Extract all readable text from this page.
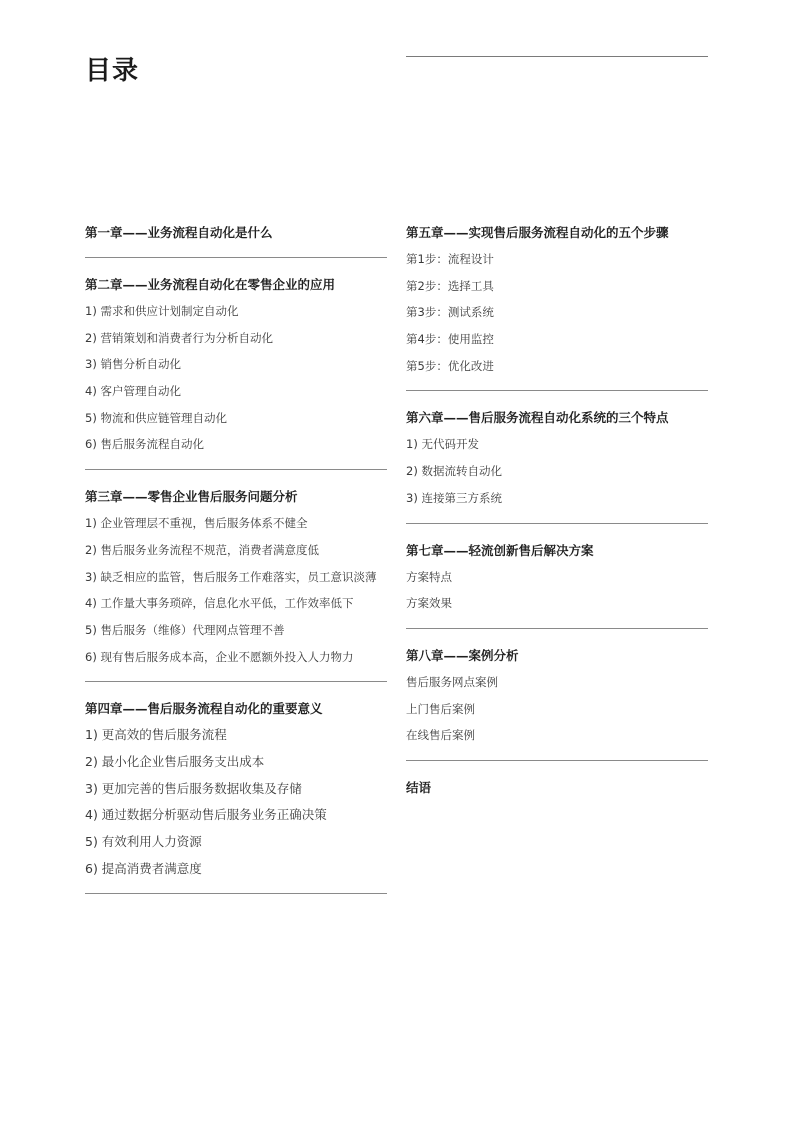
目录
第一章——业务流程自动化是什么
第二章——业务流程自动化在零售企业的应用
1) 需求和供应计划制定自动化
2) 营销策划和消费者行为分析自动化
3) 销售分析自动化
4) 客户管理自动化
5) 物流和供应链管理自动化
6) 售后服务流程自动化
第三章——零售企业售后服务问题分析
1) 企业管理层不重视，售后服务体系不健全
2) 售后服务业务流程不规范，消费者满意度低
3) 缺乏相应的监管，售后服务工作难落实，员工意识淡薄
4) 工作量大事务琐碎，信息化水平低，工作效率低下
5) 售后服务（维修）代理网点管理不善
6) 现有售后服务成本高，企业不愿额外投入人力物力
第四章——售后服务流程自动化的重要意义
1) 更高效的售后服务流程
2) 最小化企业售后服务支出成本
3) 更加完善的售后服务数据收集及存储
4) 通过数据分析驱动售后服务业务正确决策
5) 有效利用人力资源
6) 提高消费者满意度
第五章——实现售后服务流程自动化的五个步骤
第1步：流程设计
第2步：选择工具
第3步：测试系统
第4步：使用监控
第5步：优化改进
第六章——售后服务流程自动化系统的三个特点
1) 无代码开发
2) 数据流转自动化
3) 连接第三方系统
第七章——轻流创新售后解决方案
方案特点
方案效果
第八章——案例分析
售后服务网点案例
上门售后案例
在线售后案例
结语
